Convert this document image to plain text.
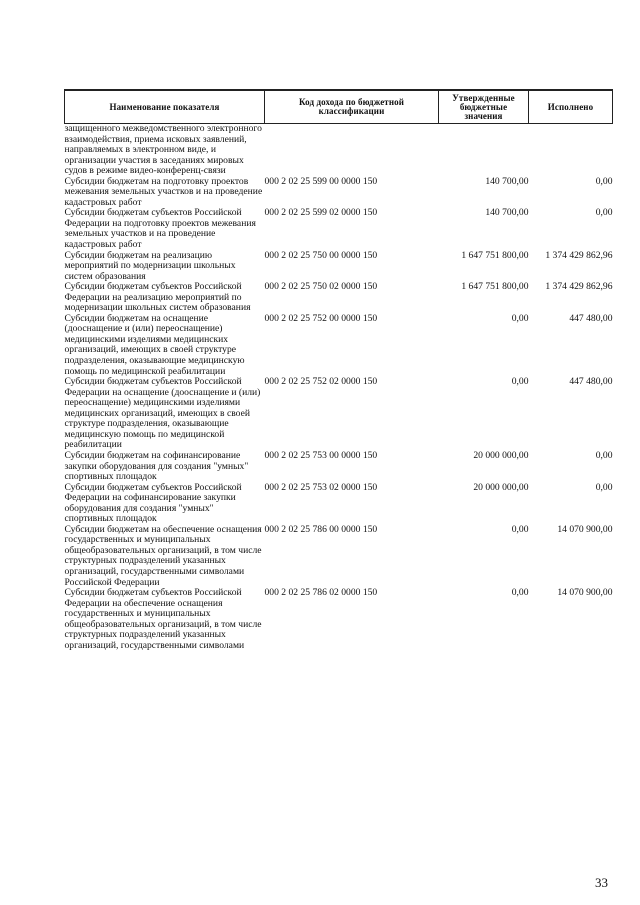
Наименование показателя	Код дохода по бюджетной классификации	Утвержденные бюджетные значения	Исполнено
защищенного межведомственного электронного взаимодействия, приема исковых заявлений, направляемых в электронном виде, и организации участия в заседаниях мировых судов в режиме видео-конференц-связи			
Субсидии бюджетам на подготовку проектов межевания земельных участков и на проведение кадастровых работ	000 2 02 25 599 00 0000 150	140 700,00	0,00
Субсидии бюджетам субъектов Российской Федерации на подготовку проектов межевания земельных участков и на проведение кадастровых работ	000 2 02 25 599 02 0000 150	140 700,00	0,00
Субсидии бюджетам на реализацию мероприятий по модернизации школьных систем образования	000 2 02 25 750 00 0000 150	1 647 751 800,00	1 374 429 862,96
Субсидии бюджетам субъектов Российской Федерации на реализацию мероприятий по модернизации школьных систем образования	000 2 02 25 750 02 0000 150	1 647 751 800,00	1 374 429 862,96
Субсидии бюджетам на оснащение (дооснащение и (или) переоснащение) медицинскими изделиями медицинских организаций, имеющих в своей структуре подразделения, оказывающие медицинскую помощь по медицинской реабилитации	000 2 02 25 752 00 0000 150	0,00	447 480,00
Субсидии бюджетам субъектов Российской Федерации на оснащение (дооснащение и (или) переоснащение) медицинскими изделиями медицинских организаций, имеющих в своей структуре подразделения, оказывающие медицинскую помощь по медицинской реабилитации	000 2 02 25 752 02 0000 150	0,00	447 480,00
Субсидии бюджетам на софинансирование закупки оборудования для создания "умных" спортивных площадок	000 2 02 25 753 00 0000 150	20 000 000,00	0,00
Субсидии бюджетам субъектов Российской Федерации на софинансирование закупки оборудования для создания "умных" спортивных площадок	000 2 02 25 753 02 0000 150	20 000 000,00	0,00
Субсидии бюджетам на обеспечение оснащения государственных и муниципальных общеобразовательных организаций, в том числе структурных подразделений указанных организаций, государственными символами Российской Федерации	000 2 02 25 786 00 0000 150	0,00	14 070 900,00
Субсидии бюджетам субъектов Российской Федерации на обеспечение оснащения государственных и муниципальных общеобразовательных организаций, в том числе структурных подразделений указанных организаций, государственными символами	000 2 02 25 786 02 0000 150	0,00	14 070 900,00
33
